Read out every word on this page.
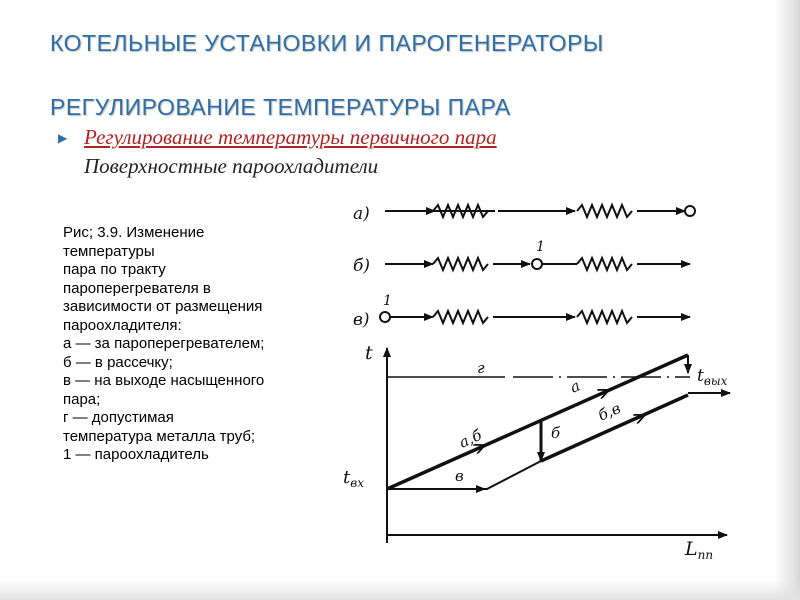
КОТЕЛЬНЫЕ УСТАНОВКИ И ПАРОГЕНЕРАТОРЫ
РЕГУЛИРОВАНИЕ ТЕМПЕРАТУРЫ ПАРА
▶ Регулирование температуры первичного пара
Поверхностные пароохладители
Рис; 3.9. Изменение
температуры
пара по тракту
пароперегревателя в
зависимости от размещения
пароохладителя:
а — за пароперегревателем;
б — в рассечку;
в — на выходе насыщенного
пара;
г — допустимая
температура металла труб;
1 — пароохладитель
а)
б)
1
в)
1
t
$L_{пп}$
г
$t_{вх}$
а,б
а
$t_{вых}$
б
б,в
в
